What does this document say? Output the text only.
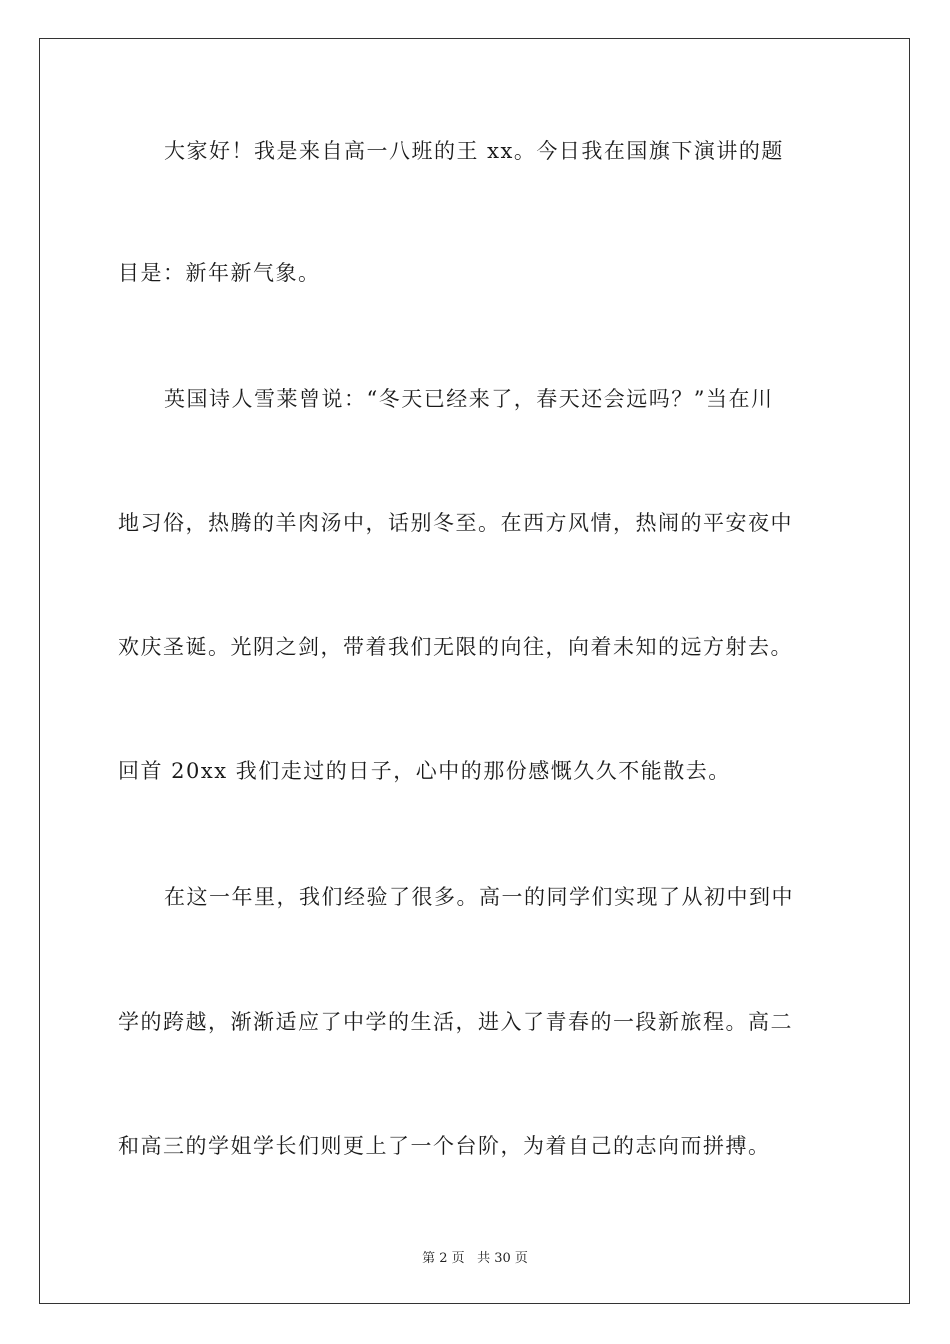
大家好！我是来自高一八班的王 xx。今日我在国旗下演讲的题
目是：新年新气象。
英国诗人雪莱曾说：“冬天已经来了，春天还会远吗？”当在川
地习俗，热腾的羊肉汤中，话别冬至。在西方风情，热闹的平安夜中
欢庆圣诞。光阴之剑，带着我们无限的向往，向着未知的远方射去。
回首 20xx 我们走过的日子，心中的那份感慨久久不能散去。
在这一年里，我们经验了很多。高一的同学们实现了从初中到中
学的跨越，渐渐适应了中学的生活，进入了青春的一段新旅程。高二
和高三的学姐学长们则更上了一个台阶，为着自己的志向而拼搏。
第 2 页 共 30 页
